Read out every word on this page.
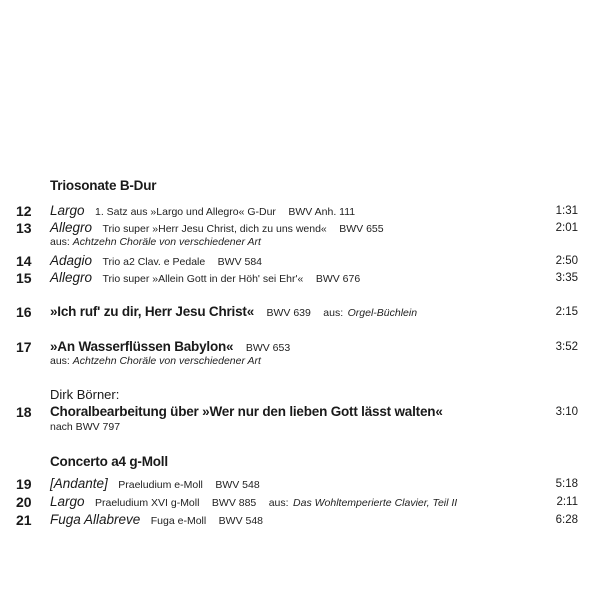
Triosonate B-Dur
12	Largo 1. Satz aus »Largo und Allegro« G-Dur BWV Anh. 111	1:31
13	Allegro Trio super »Herr Jesu Christ, dich zu uns wend« BWV 655	2:01
aus: Achtzehn Choräle von verschiedener Art
14	Adagio Trio a2 Clav. e Pedale BWV 584	2:50
15	Allegro Trio super »Allein Gott in der Höh' sei Ehr'« BWV 676	3:35
16	»Ich ruf' zu dir, Herr Jesu Christ« BWV 639 aus: Orgel-Büchlein	2:15
17	»An Wasserflüssen Babylon« BWV 653	3:52
aus: Achtzehn Choräle von verschiedener Art
Dirk Börner:
18	Choralbearbeitung über »Wer nur den lieben Gott lässt walten«	3:10
nach BWV 797
Concerto a4 g-Moll
19	[Andante] Praeludium e-Moll BWV 548	5:18
20	Largo Praeludium XVI g-Moll BWV 885 aus: Das Wohltemperierte Clavier, Teil II	2:11
21	Fuga Allabreve Fuga e-Moll BWV 548	6:28
